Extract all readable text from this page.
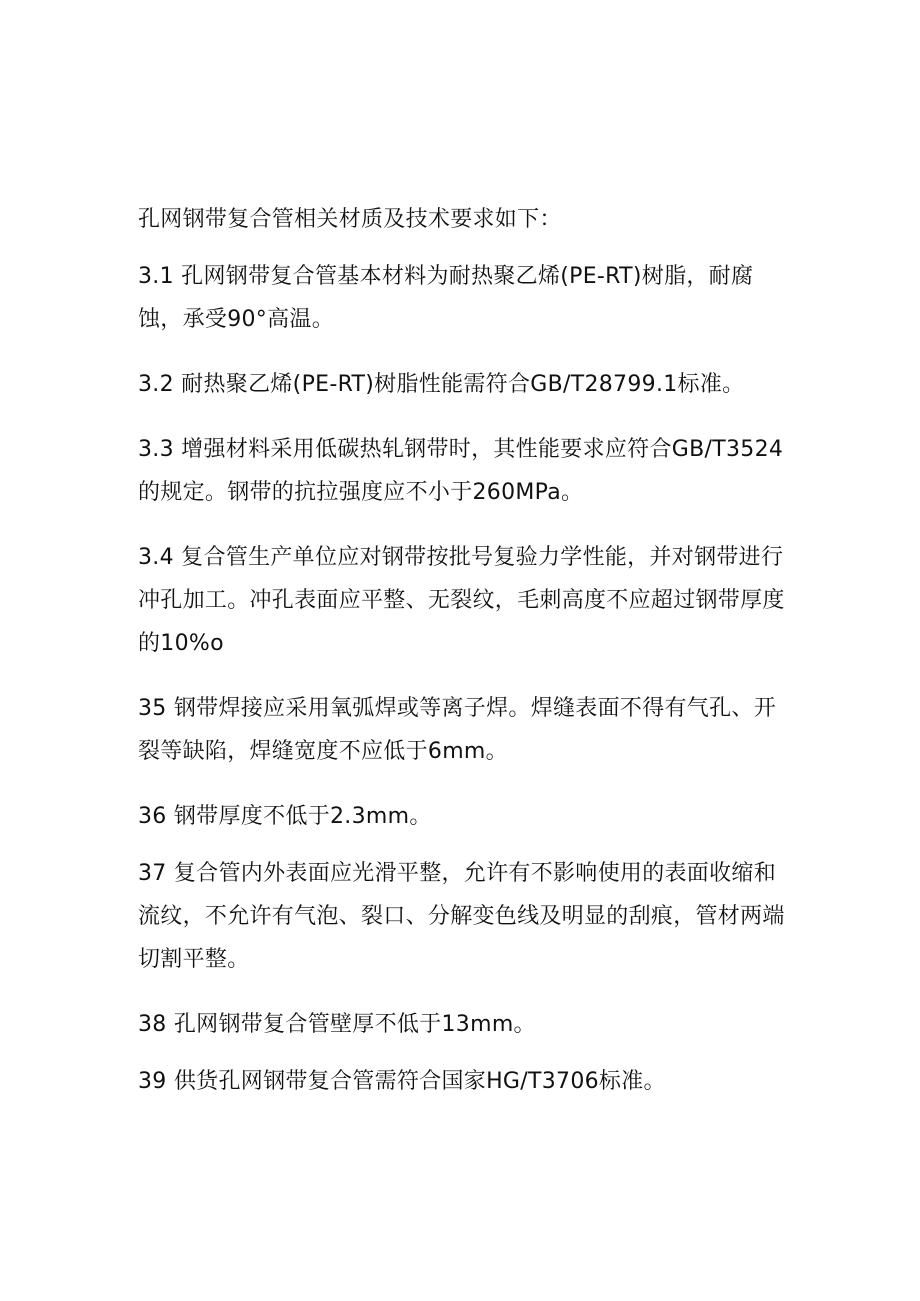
孔网钢带复合管相关材质及技术要求如下：

3.1 孔网钢带复合管基本材料为耐热聚乙烯(PE-RT)树脂，耐腐蚀，承受90°高温。

3.2 耐热聚乙烯(PE-RT)树脂性能需符合GB/T28799.1标准。

3.3 增强材料采用低碳热轧钢带时，其性能要求应符合GB/T3524的规定。钢带的抗拉强度应不小于260MPa。

3.4 复合管生产单位应对钢带按批号复验力学性能，并对钢带进行冲孔加工。冲孔表面应平整、无裂纹，毛刺高度不应超过钢带厚度的10%o

35 钢带焊接应采用氧弧焊或等离子焊。焊缝表面不得有气孔、开裂等缺陷，焊缝宽度不应低于6mm。

36 钢带厚度不低于2.3mm。

37 复合管内外表面应光滑平整，允许有不影响使用的表面收缩和流纹，不允许有气泡、裂口、分解变色线及明显的刮痕，管材两端切割平整。

38 孔网钢带复合管壁厚不低于13mm。

39 供货孔网钢带复合管需符合国家HG/T3706标准。
